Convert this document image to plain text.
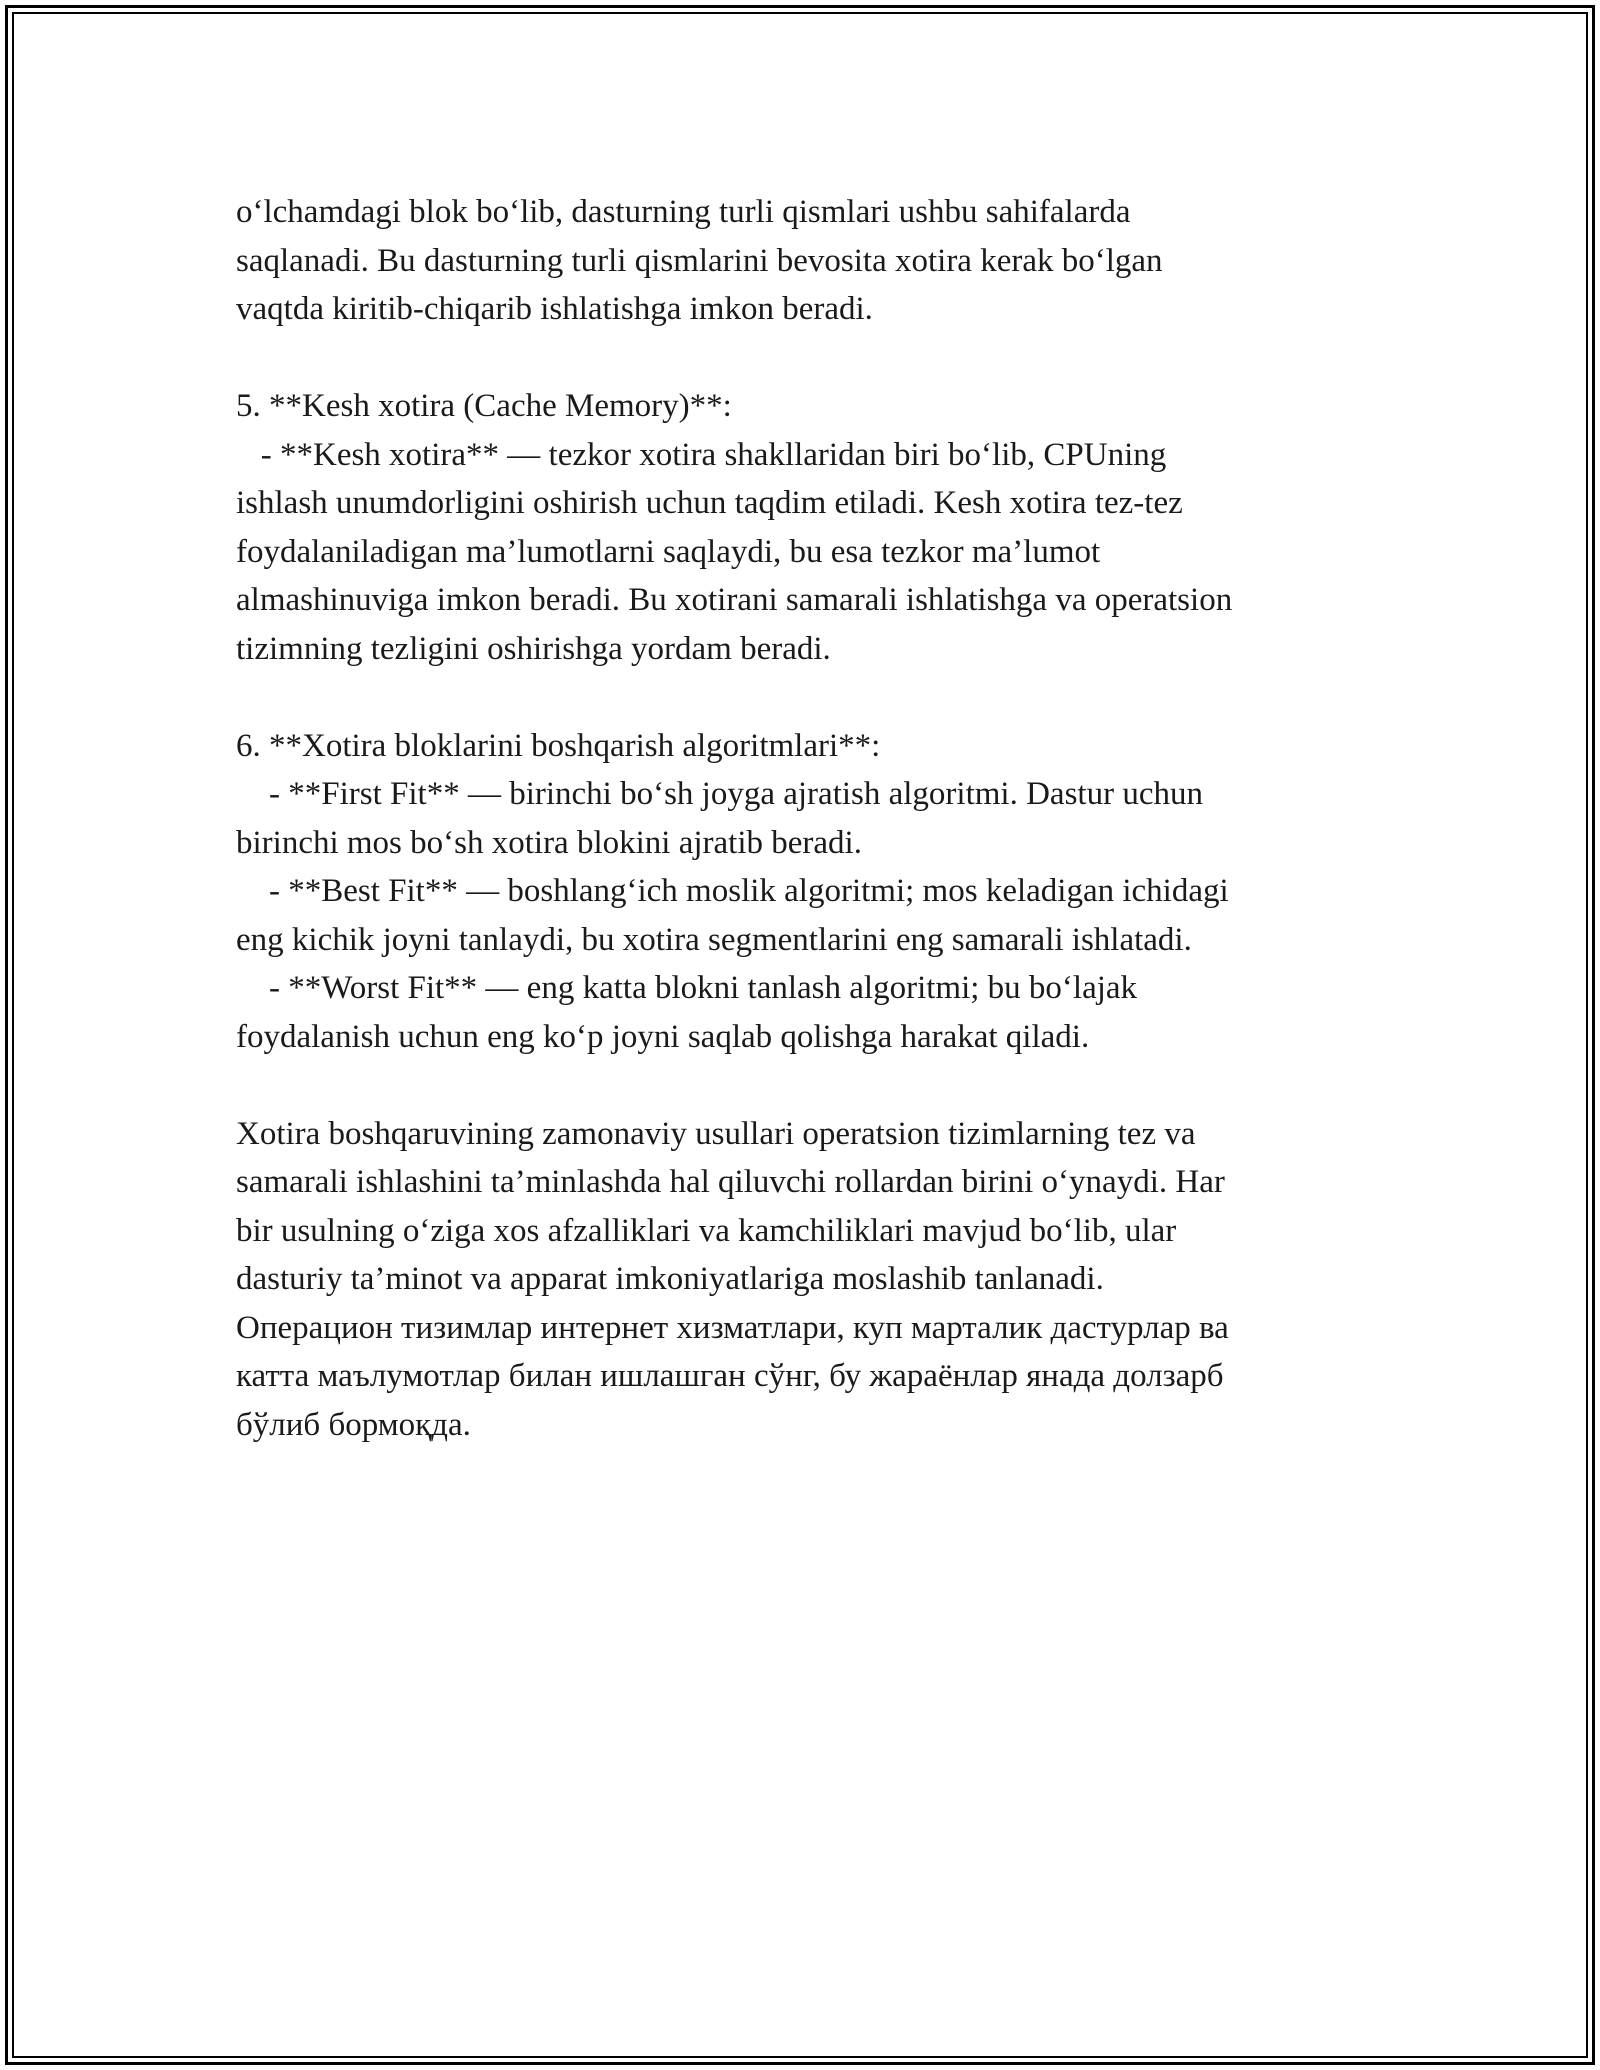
o‘lchamdagi blok bo‘lib, dasturning turli qismlari ushbu sahifalarda
saqlanadi. Bu dasturning turli qismlarini bevosita xotira kerak bo‘lgan
vaqtda kiritib-chiqarib ishlatishga imkon beradi.
5. **Kesh xotira (Cache Memory)**:
- **Kesh xotira** — tezkor xotira shakllaridan biri bo‘lib, CPUning
ishlash unumdorligini oshirish uchun taqdim etiladi. Kesh xotira tez-tez
foydalaniladigan ma’lumotlarni saqlaydi, bu esa tezkor ma’lumot
almashinuviga imkon beradi. Bu xotirani samarali ishlatishga va operatsion
tizimning tezligini oshirishga yordam beradi.
6. **Xotira bloklarini boshqarish algoritmlari**:
- **First Fit** — birinchi bo‘sh joyga ajratish algoritmi. Dastur uchun
birinchi mos bo‘sh xotira blokini ajratib beradi.
- **Best Fit** — boshlang‘ich moslik algoritmi; mos keladigan ichidagi
eng kichik joyni tanlaydi, bu xotira segmentlarini eng samarali ishlatadi.
- **Worst Fit** — eng katta blokni tanlash algoritmi; bu bo‘lajak
foydalanish uchun eng ko‘p joyni saqlab qolishga harakat qiladi.
Xotira boshqaruvining zamonaviy usullari operatsion tizimlarning tez va
samarali ishlashini ta’minlashda hal qiluvchi rollardan birini o‘ynaydi. Har
bir usulning o‘ziga xos afzalliklari va kamchiliklari mavjud bo‘lib, ular
dasturiy ta’minot va apparat imkoniyatlariga moslashib tanlanadi.
Операцион тизимлар интернет хизматлари, куп марталик дастурлар ва
катта маълумотлар билан ишлашган сўнг, бу жараёнлар янада долзарб
бўлиб бормоқда.
